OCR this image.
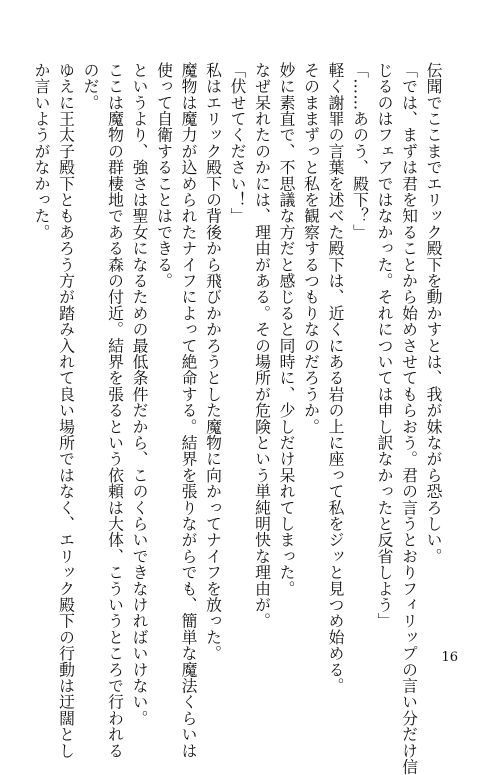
伝聞でここまでエリック殿下を動かすとは、我が妹ながら恐ろしい。
「では、まずは君を知ることから始めさせてもらおう。君の言うとおりフィリップの言い分だけ信
じるのはフェアではなかった。それについては申し訳なかったと反省しよう」
「……あのう、殿下？」
軽く謝罪の言葉を述べた殿下は、近くにある岩の上に座って私をジッと見つめ始める。
そのままずっと私を観察するつもりなのだろうか。
妙に素直で、不思議な方だと感じると同時に、少しだけ呆れてしまった。
なぜ呆れたのかには、理由がある。その場所が危険という単純明快な理由が。
「伏せてください！」
私はエリック殿下の背後から飛びかかろうとした魔物に向かってナイフを放った。
魔物は魔力が込められたナイフによって絶命する。結界を張りながらでも、簡単な魔法くらいは
使って自衛することはできる。
というより、強さは聖女になるための最低条件だから、このくらいできなければいけない。
ここは魔物の群棲地である森の付近。結界を張るという依頼は大体、こういうところで行われる
のだ。
ゆえに王太子殿下ともあろう方が踏み入れて良い場所ではなく、エリック殿下の行動は迂闊とし
か言いようがなかった。
16
